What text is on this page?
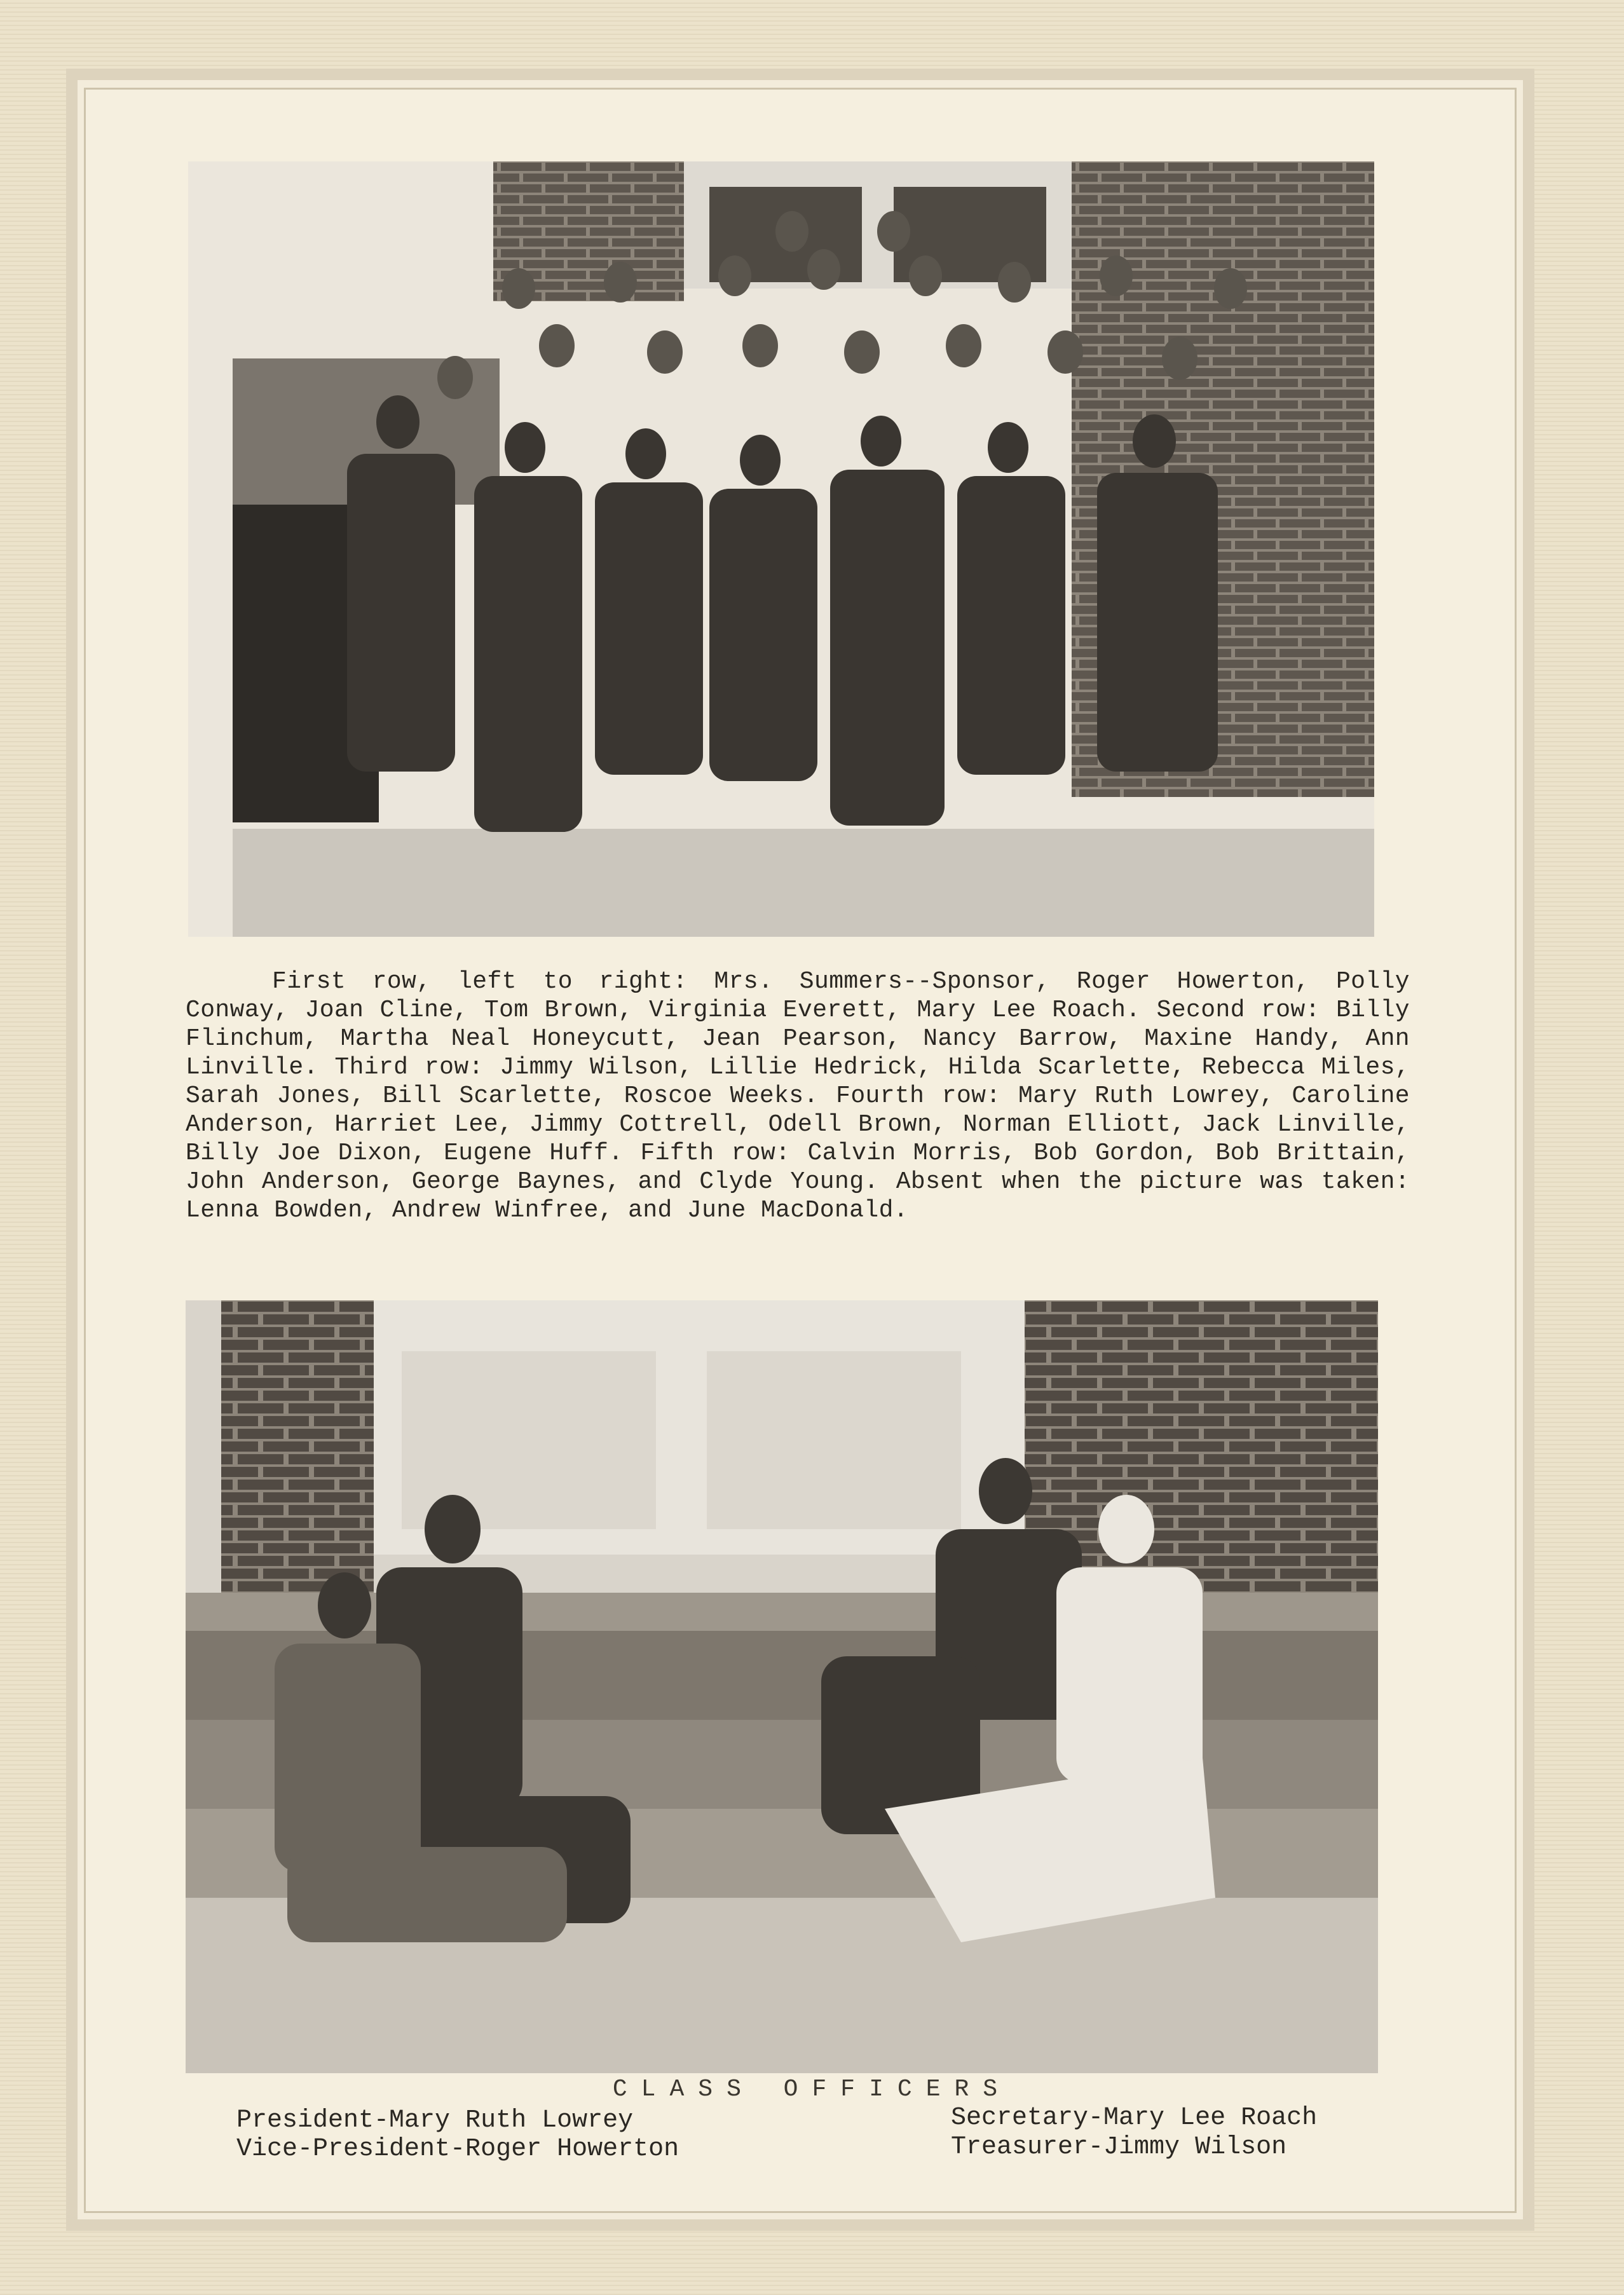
First row, left to right: Mrs. Summers--Sponsor, Roger Howerton, Polly Conway, Joan Cline, Tom Brown, Virginia Everett, Mary Lee Roach. Second row: Billy Flinchum, Martha Neal Honeycutt, Jean Pearson, Nancy Barrow, Maxine Handy, Ann Linville. Third row: Jimmy Wilson, Lillie Hedrick, Hilda Scarlette, Rebecca Miles, Sarah Jones, Bill Scarlette, Roscoe Weeks. Fourth row: Mary Ruth Lowrey, Caroline Anderson, Harriet Lee, Jimmy Cottrell, Odell Brown, Norman Elliott, Jack Linville, Billy Joe Dixon, Eugene Huff. Fifth row: Calvin Morris, Bob Gordon, Bob Brittain, John Anderson, George Baynes, and Clyde Young. Absent when the picture was taken: Lenna Bowden, Andrew Winfree, and June MacDonald.

CLASS OFFICERS
President-Mary Ruth Lowrey
Vice-President-Roger Howerton
Secretary-Mary Lee Roach
Treasurer-Jimmy Wilson
